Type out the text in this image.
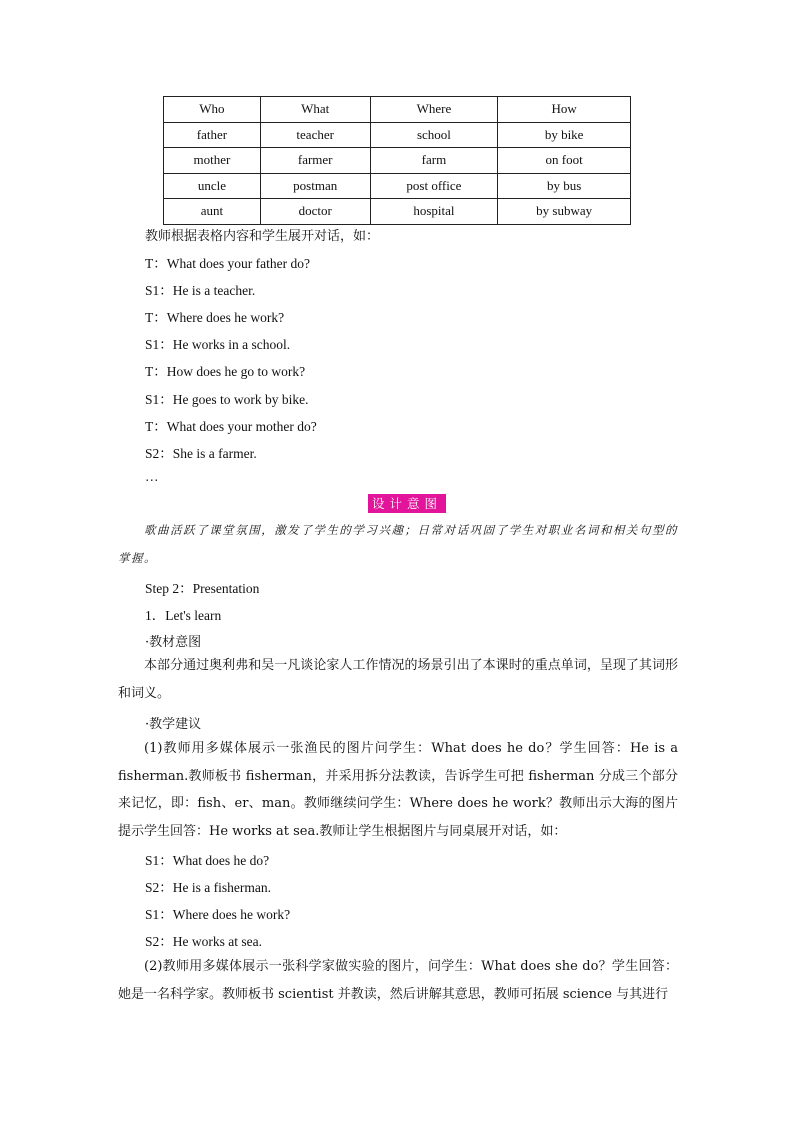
Who	What	Where	How
father	teacher	school	by bike
mother	farmer	farm	on foot
uncle	postman	post office	by bus
aunt	doctor	hospital	by subway
教师根据表格内容和学生展开对话，如：
T：What does your father do?
S1：He is a teacher.
T：Where does he work?
S1：He works in a school.
T：How does he go to work?
S1：He goes to work by bike.
T：What does your mother do?
S2：She is a farmer.
…
设计意图
歌曲活跃了课堂氛围，激发了学生的学习兴趣；日常对话巩固了学生对职业名词和相关句型的掌握。
Step 2：Presentation
1．Let's learn
·教材意图
本部分通过奥利弗和吴一凡谈论家人工作情况的场景引出了本课时的重点单词，呈现了其词形和词义。
·教学建议
(1)教师用多媒体展示一张渔民的图片问学生：What does he do？学生回答：He is a fisherman.教师板书 fisherman，并采用拆分法教读，告诉学生可把 fisherman 分成三个部分来记忆，即：fish、er、man。教师继续问学生：Where does he work？教师出示大海的图片提示学生回答：He works at sea.教师让学生根据图片与同桌展开对话，如：
S1：What does he do?
S2：He is a fisherman.
S1：Where does he work?
S2：He works at sea.
(2)教师用多媒体展示一张科学家做实验的图片，问学生：What does she do？学生回答：她是一名科学家。教师板书 scientist 并教读，然后讲解其意思，教师可拓展 science 与其进行
